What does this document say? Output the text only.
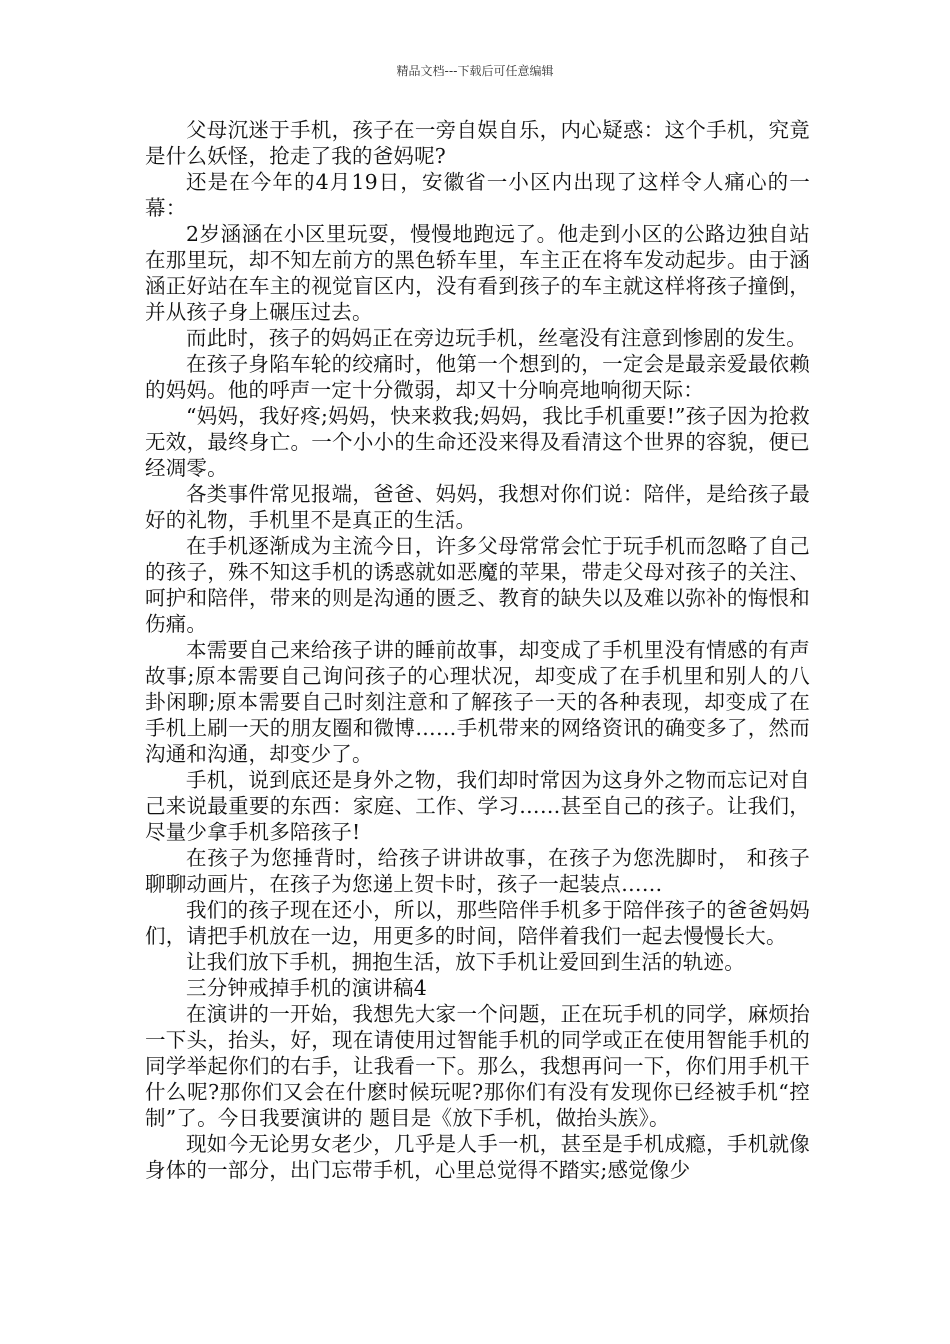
精品文档---下载后可任意编辑

父母沉迷于手机，孩子在一旁自娱自乐，内心疑惑：这个手机，究竟是什么妖怪，抢走了我的爸妈呢?

还是在今年的4月19日，安徽省一小区内出现了这样令人痛心的一幕：

2岁涵涵在小区里玩耍，慢慢地跑远了。他走到小区的公路边独自站在那里玩，却不知左前方的黑色轿车里，车主正在将车发动起步。由于涵涵正好站在车主的视觉盲区内，没有看到孩子的车主就这样将孩子撞倒，并从孩子身上碾压过去。

而此时，孩子的妈妈正在旁边玩手机，丝毫没有注意到惨剧的发生。

在孩子身陷车轮的绞痛时，他第一个想到的，一定会是最亲爱最依赖的妈妈。他的呼声一定十分微弱，却又十分响亮地响彻天际：

“妈妈，我好疼;妈妈，快来救我;妈妈，我比手机重要!”孩子因为抢救无效，最终身亡。一个小小的生命还没来得及看清这个世界的容貌，便已经凋零。

各类事件常见报端，爸爸、妈妈，我想对你们说：陪伴，是给孩子最好的礼物，手机里不是真正的生活。

在手机逐渐成为主流今日，许多父母常常会忙于玩手机而忽略了自己的孩子，殊不知这手机的诱惑就如恶魔的苹果，带走父母对孩子的关注、呵护和陪伴，带来的则是沟通的匮乏、教育的缺失以及难以弥补的悔恨和伤痛。

本需要自己来给孩子讲的睡前故事，却变成了手机里没有情感的有声故事;原本需要自己询问孩子的心理状况，却变成了在手机里和别人的八卦闲聊;原本需要自己时刻注意和了解孩子一天的各种表现，却变成了在手机上刷一天的朋友圈和微博……手机带来的网络资讯的确变多了，然而沟通和沟通，却变少了。

手机，说到底还是身外之物，我们却时常因为这身外之物而忘记对自己来说最重要的东西：家庭、工作、学习……甚至自己的孩子。让我们，尽量少拿手机多陪孩子!

在孩子为您捶背时，给孩子讲讲故事，在孩子为您洗脚时， 和孩子聊聊动画片，在孩子为您递上贺卡时，孩子一起装点……

我们的孩子现在还小，所以，那些陪伴手机多于陪伴孩子的爸爸妈妈们，请把手机放在一边，用更多的时间，陪伴着我们一起去慢慢长大。

让我们放下手机，拥抱生活，放下手机让爱回到生活的轨迹。

三分钟戒掉手机的演讲稿4

在演讲的一开始，我想先大家一个问题，正在玩手机的同学，麻烦抬一下头，抬头，好，现在请使用过智能手机的同学或正在使用智能手机的同学举起你们的右手，让我看一下。那么，我想再问一下，你们用手机干什么呢?那你们又会在什麽时候玩呢?那你们有没有发现你已经被手机“控制”了。今日我要演讲的 题目是《放下手机，做抬头族》。

现如今无论男女老少，几乎是人手一机，甚至是手机成瘾，手机就像身体的一部分，出门忘带手机，心里总觉得不踏实;感觉像少
